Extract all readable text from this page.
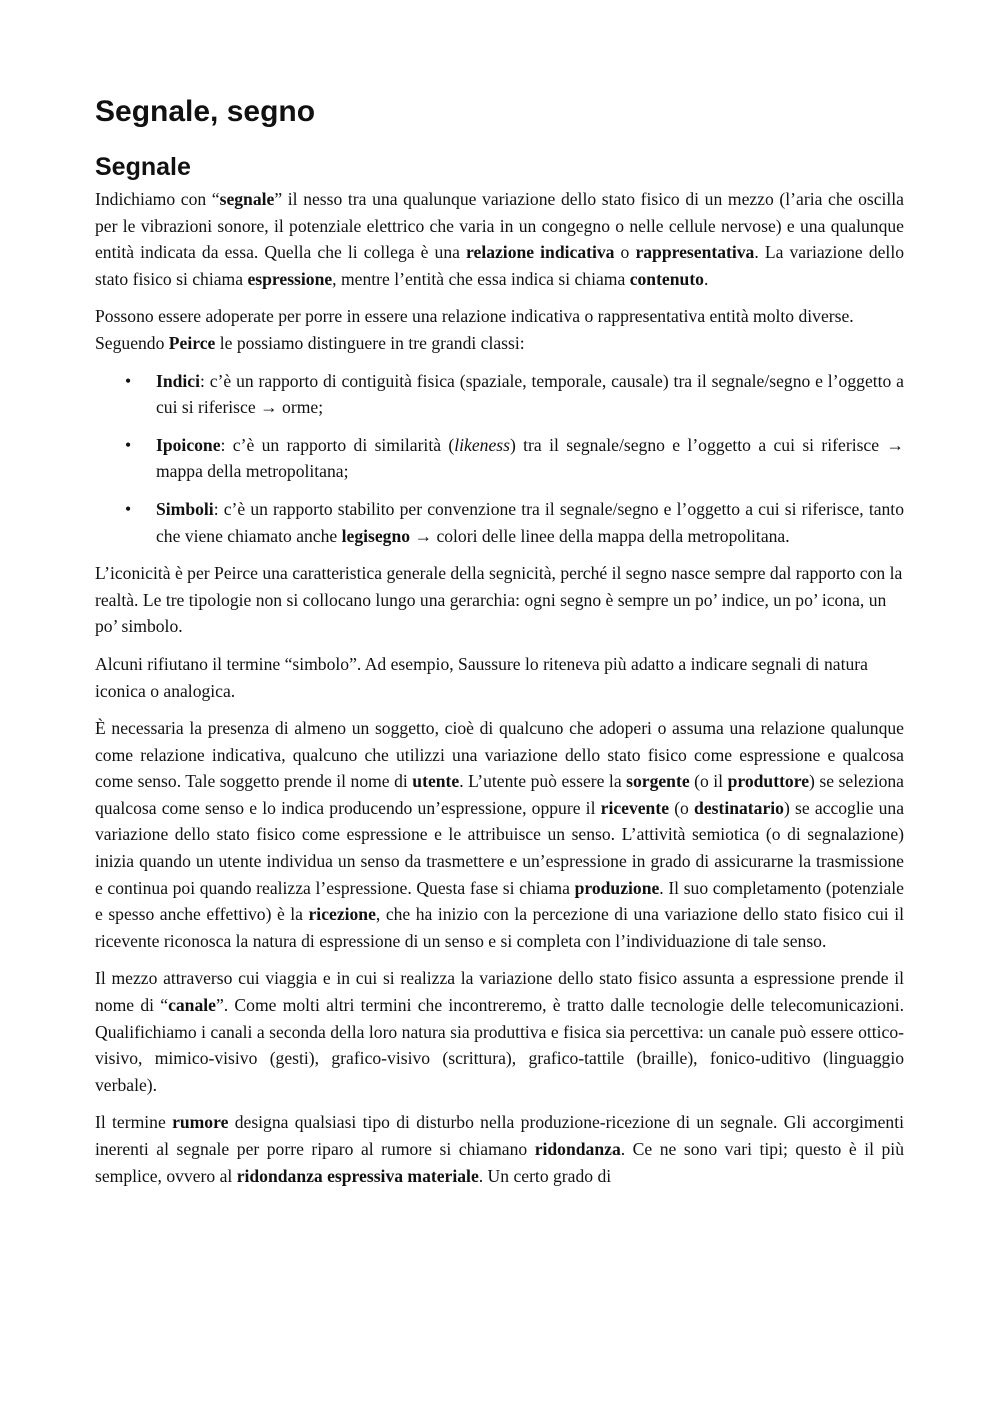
Segnale, segno
Segnale

Indichiamo con “segnale” il nesso tra una qualunque variazione dello stato fisico di un mezzo (l’aria che oscilla per le vibrazioni sonore, il potenziale elettrico che varia in un congegno o nelle cellule nervose) e una qualunque entità indicata da essa. Quella che li collega è una relazione indicativa o rappresentativa. La variazione dello stato fisico si chiama espressione, mentre l’entità che essa indica si chiama contenuto.

Possono essere adoperate per porre in essere una relazione indicativa o rappresentativa entità molto diverse. Seguendo Peirce le possiamo distinguere in tre grandi classi:

• Indici: c’è un rapporto di contiguità fisica (spaziale, temporale, causale) tra il segnale/segno e l’oggetto a cui si riferisce → orme;
• Ipoicone: c’è un rapporto di similarità (likeness) tra il segnale/segno e l’oggetto a cui si riferisce → mappa della metropolitana;
• Simboli: c’è un rapporto stabilito per convenzione tra il segnale/segno e l’oggetto a cui si riferisce, tanto che viene chiamato anche legisegno → colori delle linee della mappa della metropolitana.

L’iconicità è per Peirce una caratteristica generale della segnicità, perché il segno nasce sempre dal rapporto con la realtà. Le tre tipologie non si collocano lungo una gerarchia: ogni segno è sempre un po’ indice, un po’ icona, un po’ simbolo.

Alcuni rifiutano il termine “simbolo”. Ad esempio, Saussure lo riteneva più adatto a indicare segnali di natura iconica o analogica.

È necessaria la presenza di almeno un soggetto, cioè di qualcuno che adoperi o assuma una relazione qualunque come relazione indicativa, qualcuno che utilizzi una variazione dello stato fisico come espressione e qualcosa come senso. Tale soggetto prende il nome di utente. L’utente può essere la sorgente (o il produttore) se seleziona qualcosa come senso e lo indica producendo un’espressione, oppure il ricevente (o destinatario) se accoglie una variazione dello stato fisico come espressione e le attribuisce un senso. L’attività semiotica (o di segnalazione) inizia quando un utente individua un senso da trasmettere e un’espressione in grado di assicurarne la trasmissione e continua poi quando realizza l’espressione. Questa fase si chiama produzione. Il suo completamento (potenziale e spesso anche effettivo) è la ricezione, che ha inizio con la percezione di una variazione dello stato fisico cui il ricevente riconosca la natura di espressione di un senso e si completa con l’individuazione di tale senso.

Il mezzo attraverso cui viaggia e in cui si realizza la variazione dello stato fisico assunta a espressione prende il nome di “canale”. Come molti altri termini che incontreremo, è tratto dalle tecnologie delle telecomunicazioni. Qualifichiamo i canali a seconda della loro natura sia produttiva e fisica sia percettiva: un canale può essere ottico-visivo, mimico-visivo (gesti), grafico-visivo (scrittura), grafico-tattile (braille), fonico-uditivo (linguaggio verbale).

Il termine rumore designa qualsiasi tipo di disturbo nella produzione-ricezione di un segnale. Gli accorgimenti inerenti al segnale per porre riparo al rumore si chiamano ridondanza. Ce ne sono vari tipi; questo è il più semplice, ovvero al ridondanza espressiva materiale. Un certo grado di
